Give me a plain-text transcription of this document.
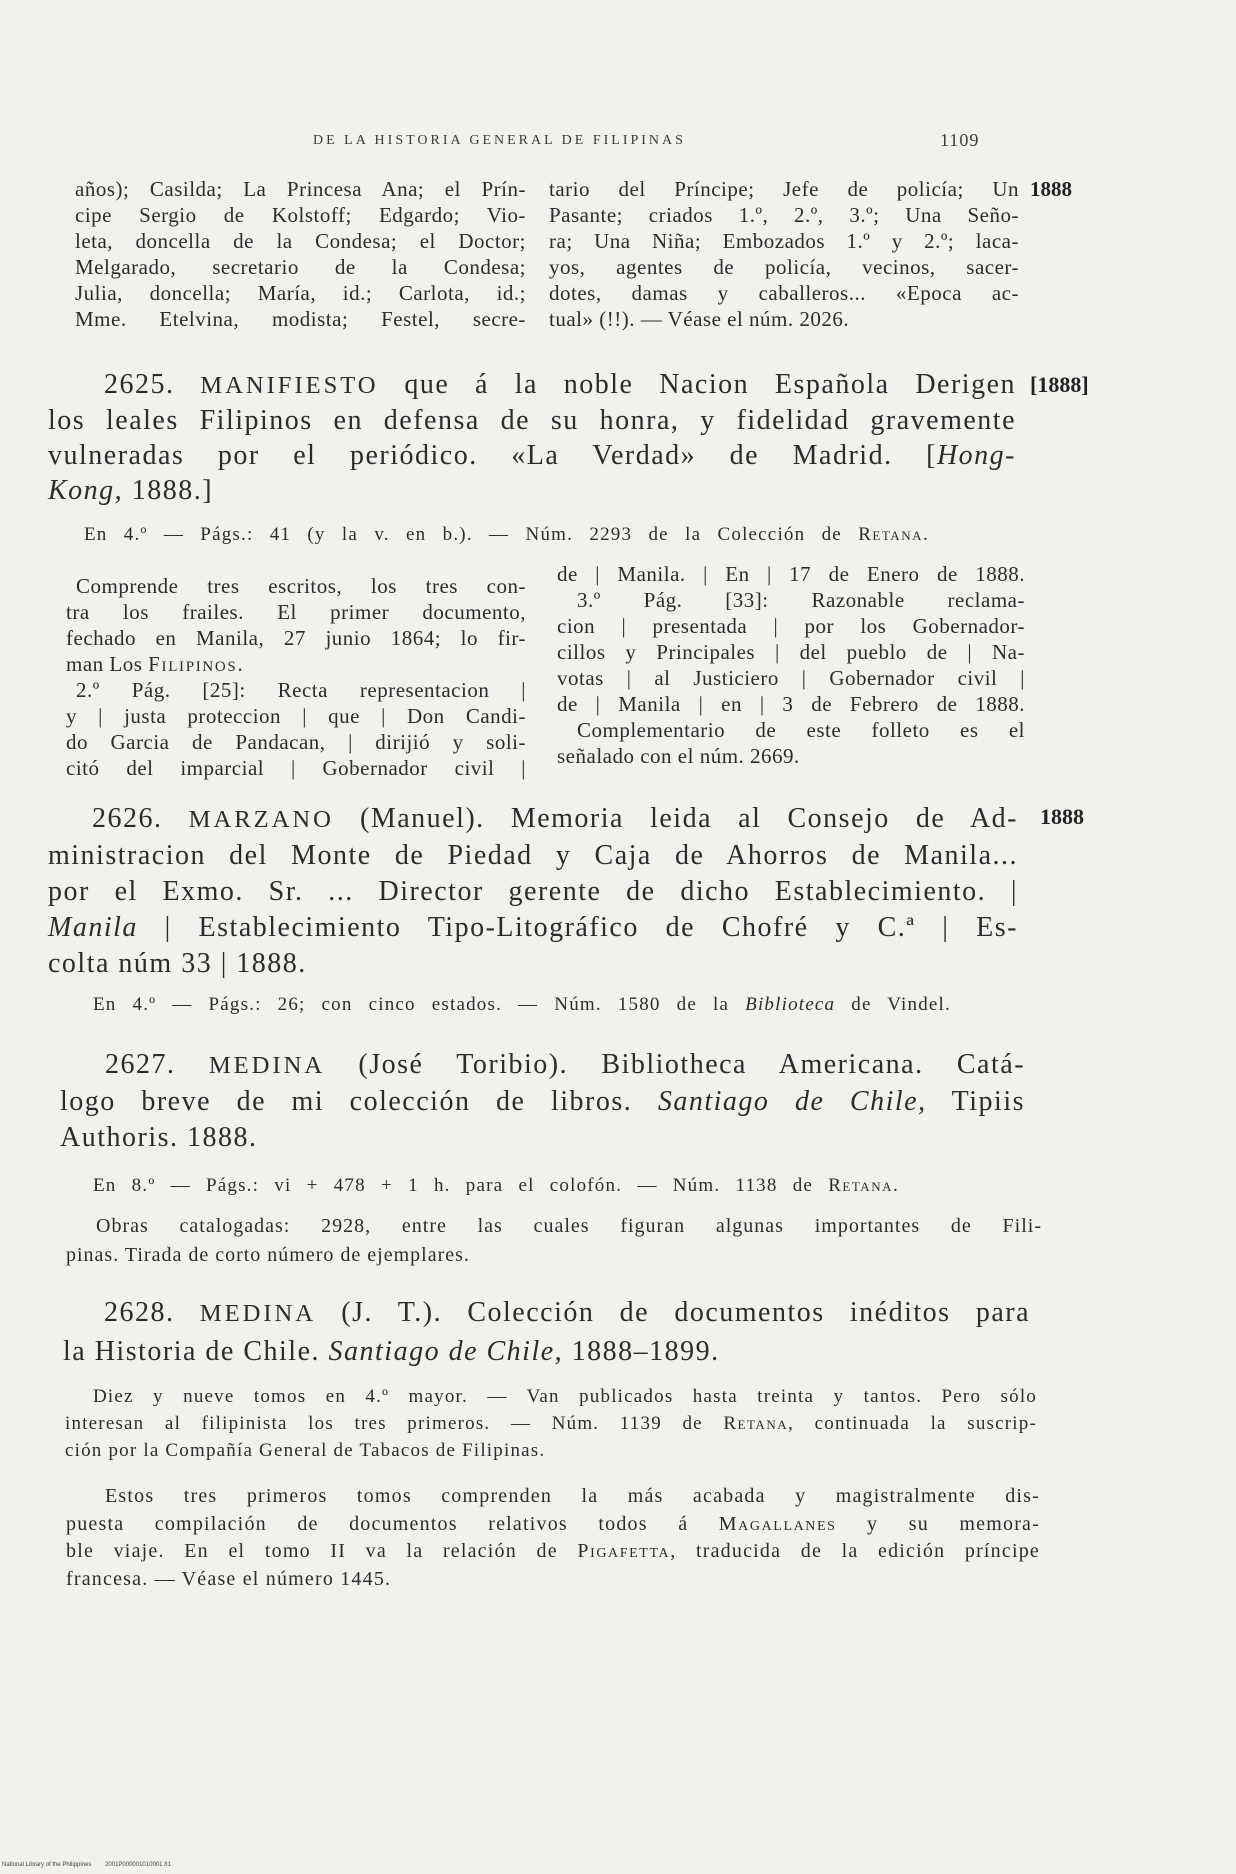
DE LA HISTORIA GENERAL DE FILIPINAS	1109
años); Casilda; La Princesa Ana; el Prín-
cipe Sergio de Kolstoff; Edgardo; Vio-
leta, doncella de la Condesa; el Doctor;
Melgarado, secretario de la Condesa;
Julia, doncella; María, id.; Carlota, id.;
Mme. Etelvina, modista; Festel, secre-
tario del Príncipe; Jefe de policía; Un
Pasante; criados 1.º, 2.º, 3.º; Una Seño-
ra; Una Niña; Embozados 1.º y 2.º; laca-
yos, agentes de policía, vecinos, sacer-
dotes, damas y caballeros... «Epoca ac-
tual» (!!). — Véase el núm. 2026.
1888
2625. MANIFIESTO que á la noble Nacion Española Derigen
los leales Filipinos en defensa de su honra, y fidelidad gravemente
vulneradas por el periódico. «La Verdad» de Madrid. [Hong-
Kong, 1888.]
[1888]
En 4.º — Págs.: 41 (y la v. en b.). — Núm. 2293 de la Colección de Retana.
Comprende tres escritos, los tres con-
tra los frailes. El primer documento,
fechado en Manila, 27 junio 1864; lo fir-
man Los Filipinos.
2.º Pág. [25]: Recta representacion |
y | justa proteccion | que | Don Candi-
do Garcia de Pandacan, | dirijió y soli-
citó del imparcial | Gobernador civil |
de | Manila. | En | 17 de Enero de 1888.
3.º Pág. [33]: Razonable reclama-
cion | presentada | por los Gobernador-
cillos y Principales | del pueblo de | Na-
votas | al Justiciero | Gobernador civil |
de | Manila | en | 3 de Febrero de 1888.
Complementario de este folleto es el
señalado con el núm. 2669.
2626. MARZANO (Manuel). Memoria leida al Consejo de Ad-
ministracion del Monte de Piedad y Caja de Ahorros de Manila...
por el Exmo. Sr. ... Director gerente de dicho Establecimiento. |
Manila | Establecimiento Tipo-Litográfico de Chofré y C.ª | Es-
colta núm 33 | 1888.
1888
En 4.º — Págs.: 26; con cinco estados. — Núm. 1580 de la Biblioteca de Vindel.
2627. MEDINA (José Toribio). Bibliotheca Americana. Catá-
logo breve de mi colección de libros. Santiago de Chile, Tipiis
Authoris. 1888.
En 8.º — Págs.: vi + 478 + 1 h. para el colofón. — Núm. 1138 de Retana.
Obras catalogadas: 2928, entre las cuales figuran algunas importantes de Fili-
pinas. Tirada de corto número de ejemplares.
2628. MEDINA (J. T.). Colección de documentos inéditos para
la Historia de Chile. Santiago de Chile, 1888–1899.
Diez y nueve tomos en 4.º mayor. — Van publicados hasta treinta y tantos. Pero sólo
interesan al filipinista los tres primeros. — Núm. 1139 de Retana, continuada la suscrip-
ción por la Compañía General de Tabacos de Filipinas.
Estos tres primeros tomos comprenden la más acabada y magistralmente dis-
puesta compilación de documentos relativos todos á Magallanes y su memora-
ble viaje. En el tomo II va la relación de Pigafetta, traducida de la edición príncipe
francesa. — Véase el número 1445.
National Library of the Philippines 2001P000001010001 81
